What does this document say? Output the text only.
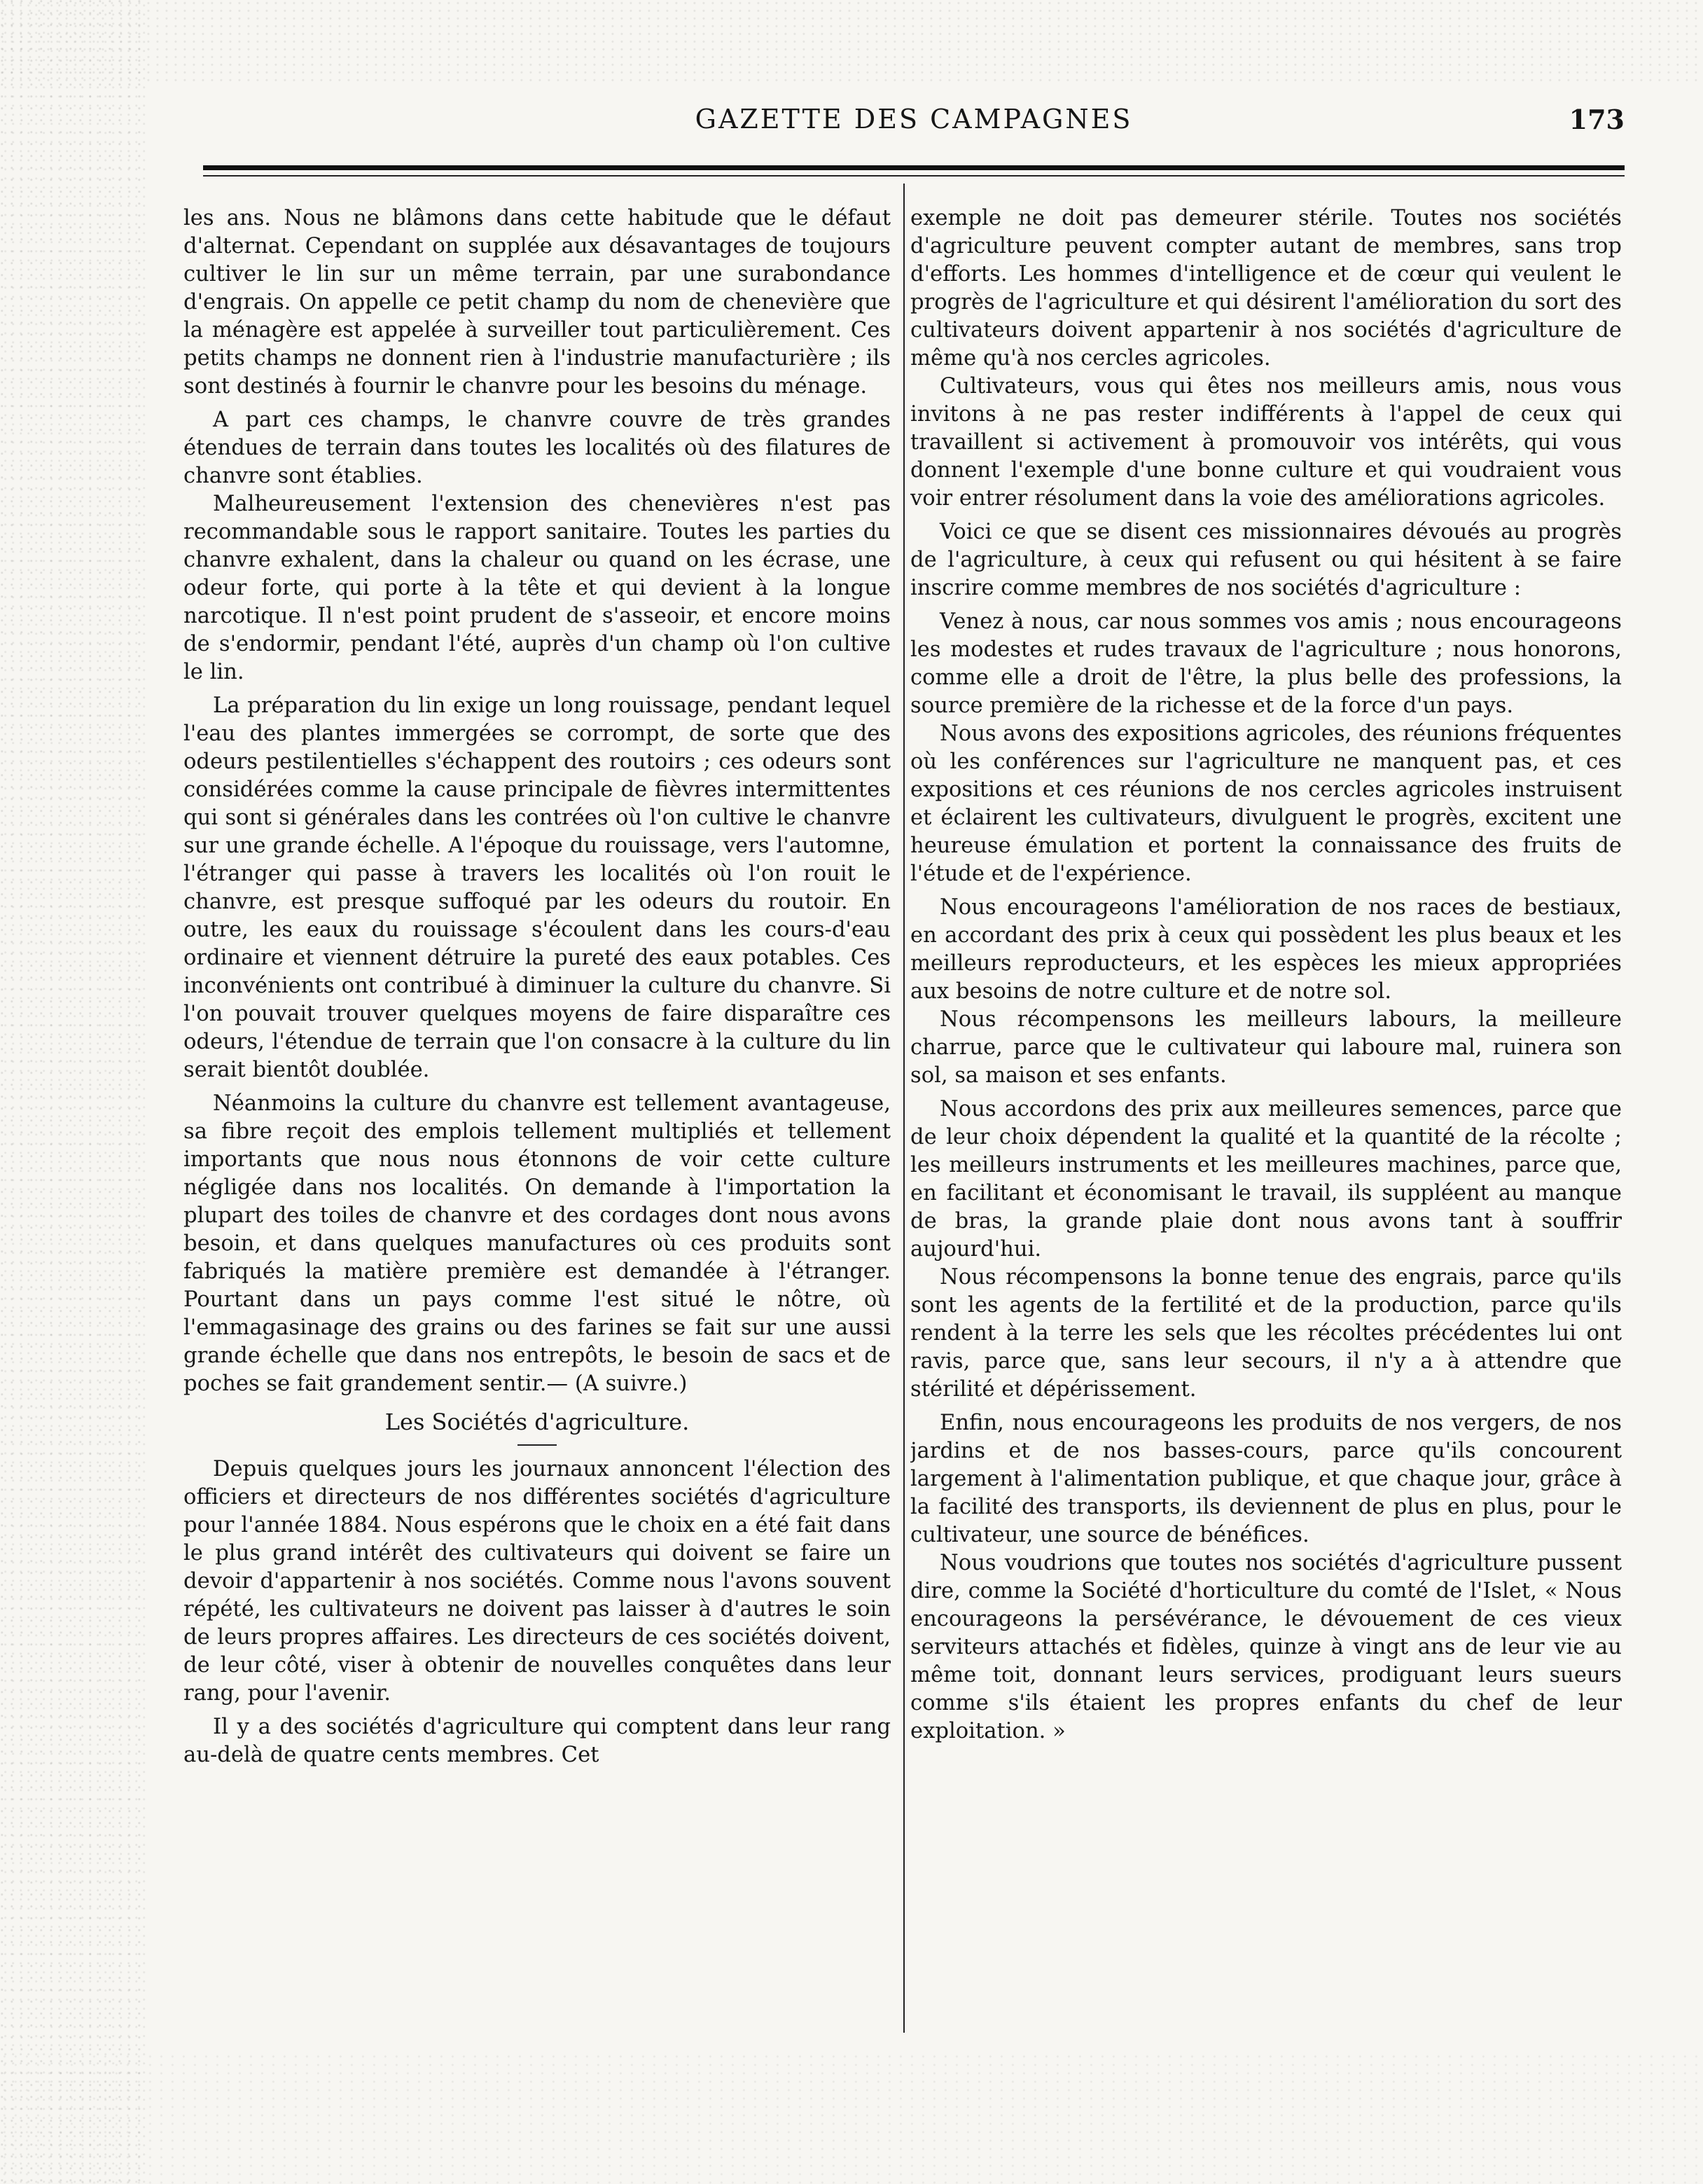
GAZETTE DES CAMPAGNES	173

les ans. Nous ne blâmons dans cette habitude que le défaut d'alternat. Cependant on supplée aux désavantages de toujours cultiver le lin sur un même terrain, par une surabondance d'engrais. On appelle ce petit champ du nom de chenevière que la ménagère est appelée à surveiller tout particulièrement. Ces petits champs ne donnent rien à l'industrie manufacturière ; ils sont destinés à fournir le chanvre pour les besoins du ménage.

A part ces champs, le chanvre couvre de très grandes étendues de terrain dans toutes les localités où des filatures de chanvre sont établies.

Malheureusement l'extension des chenevières n'est pas recommandable sous le rapport sanitaire. Toutes les parties du chanvre exhalent, dans la chaleur ou quand on les écrase, une odeur forte, qui porte à la tête et qui devient à la longue narcotique. Il n'est point prudent de s'asseoir, et encore moins de s'endormir, pendant l'été, auprès d'un champ où l'on cultive le lin.

La préparation du lin exige un long rouissage, pendant lequel l'eau des plantes immergées se corrompt, de sorte que des odeurs pestilentielles s'échappent des routoirs ; ces odeurs sont considérées comme la cause principale de fièvres intermittentes qui sont si générales dans les contrées où l'on cultive le chanvre sur une grande échelle. A l'époque du rouissage, vers l'automne, l'étranger qui passe à travers les localités où l'on rouit le chanvre, est presque suffoqué par les odeurs du routoir. En outre, les eaux du rouissage s'écoulent dans les cours-d'eau ordinaire et viennent détruire la pureté des eaux potables. Ces inconvénients ont contribué à diminuer la culture du chanvre. Si l'on pouvait trouver quelques moyens de faire disparaître ces odeurs, l'étendue de terrain que l'on consacre à la culture du lin serait bientôt doublée.

Néanmoins la culture du chanvre est tellement avantageuse, sa fibre reçoit des emplois tellement multipliés et tellement importants que nous nous étonnons de voir cette culture négligée dans nos localités. On demande à l'importation la plupart des toiles de chanvre et des cordages dont nous avons besoin, et dans quelques manufactures où ces produits sont fabriqués la matière première est demandée à l'étranger. Pourtant dans un pays comme l'est situé le nôtre, où l'emmagasinage des grains ou des farines se fait sur une aussi grande échelle que dans nos entrepôts, le besoin de sacs et de poches se fait grandement sentir.— (A suivre.)

Les Sociétés d'agriculture.

Depuis quelques jours les journaux annoncent l'élection des officiers et directeurs de nos différentes sociétés d'agriculture pour l'année 1884. Nous espérons que le choix en a été fait dans le plus grand intérêt des cultivateurs qui doivent se faire un devoir d'appartenir à nos sociétés. Comme nous l'avons souvent répété, les cultivateurs ne doivent pas laisser à d'autres le soin de leurs propres affaires. Les directeurs de ces sociétés doivent, de leur côté, viser à obtenir de nouvelles conquêtes dans leur rang, pour l'avenir.

Il y a des sociétés d'agriculture qui comptent dans leur rang au-delà de quatre cents membres. Cet

exemple ne doit pas demeurer stérile. Toutes nos sociétés d'agriculture peuvent compter autant de membres, sans trop d'efforts. Les hommes d'intelligence et de cœur qui veulent le progrès de l'agriculture et qui désirent l'amélioration du sort des cultivateurs doivent appartenir à nos sociétés d'agriculture de même qu'à nos cercles agricoles.

Cultivateurs, vous qui êtes nos meilleurs amis, nous vous invitons à ne pas rester indifférents à l'appel de ceux qui travaillent si activement à promouvoir vos intérêts, qui vous donnent l'exemple d'une bonne culture et qui voudraient vous voir entrer résolument dans la voie des améliorations agricoles.

Voici ce que se disent ces missionnaires dévoués au progrès de l'agriculture, à ceux qui refusent ou qui hésitent à se faire inscrire comme membres de nos sociétés d'agriculture :

Venez à nous, car nous sommes vos amis ; nous encourageons les modestes et rudes travaux de l'agriculture ; nous honorons, comme elle a droit de l'être, la plus belle des professions, la source première de la richesse et de la force d'un pays.

Nous avons des expositions agricoles, des réunions fréquentes où les conférences sur l'agriculture ne manquent pas, et ces expositions et ces réunions de nos cercles agricoles instruisent et éclairent les cultivateurs, divulguent le progrès, excitent une heureuse émulation et portent la connaissance des fruits de l'étude et de l'expérience.

Nous encourageons l'amélioration de nos races de bestiaux, en accordant des prix à ceux qui possèdent les plus beaux et les meilleurs reproducteurs, et les espèces les mieux appropriées aux besoins de notre culture et de notre sol.

Nous récompensons les meilleurs labours, la meilleure charrue, parce que le cultivateur qui laboure mal, ruinera son sol, sa maison et ses enfants.

Nous accordons des prix aux meilleures semences, parce que de leur choix dépendent la qualité et la quantité de la récolte ; les meilleurs instruments et les meilleures machines, parce que, en facilitant et économisant le travail, ils suppléent au manque de bras, la grande plaie dont nous avons tant à souffrir aujourd'hui.

Nous récompensons la bonne tenue des engrais, parce qu'ils sont les agents de la fertilité et de la production, parce qu'ils rendent à la terre les sels que les récoltes précédentes lui ont ravis, parce que, sans leur secours, il n'y a à attendre que stérilité et dépérissement.

Enfin, nous encourageons les produits de nos vergers, de nos jardins et de nos basses-cours, parce qu'ils concourent largement à l'alimentation publique, et que chaque jour, grâce à la facilité des transports, ils deviennent de plus en plus, pour le cultivateur, une source de bénéfices.

Nous voudrions que toutes nos sociétés d'agriculture pussent dire, comme la Société d'horticulture du comté de l'Islet, « Nous encourageons la persévérance, le dévouement de ces vieux serviteurs attachés et fidèles, quinze à vingt ans de leur vie au même toit, donnant leurs services, prodiguant leurs sueurs comme s'ils étaient les propres enfants du chef de leur exploitation. »
